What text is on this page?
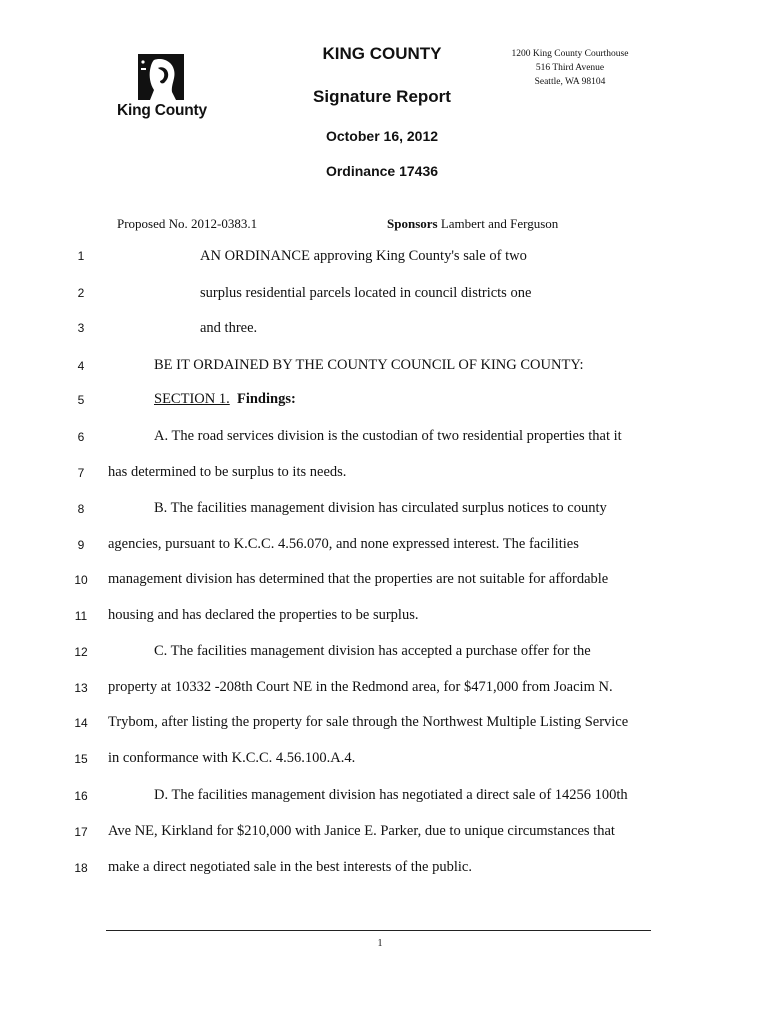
King County
KING COUNTY
Signature Report
October 16, 2012
Ordinance 17436
1200 King County Courthouse
516 Third Avenue
Seattle, WA 98104
Proposed No. 2012-0383.1	Sponsors Lambert and Ferguson
1	AN ORDINANCE approving King County's sale of two
2	surplus residential parcels located in council districts one
3	and three.
4	BE IT ORDAINED BY THE COUNTY COUNCIL OF KING COUNTY:
5	SECTION 1. Findings:
6	A. The road services division is the custodian of two residential properties that it
7	has determined to be surplus to its needs.
8	B. The facilities management division has circulated surplus notices to county
9	agencies, pursuant to K.C.C. 4.56.070, and none expressed interest. The facilities
10 management division has determined that the properties are not suitable for affordable
11	housing and has declared the properties to be surplus.
12	C. The facilities management division has accepted a purchase offer for the
13 property at 10332 -208th Court NE in the Redmond area, for $471,000 from Joacim N.
14 Trybom, after listing the property for sale through the Northwest Multiple Listing Service
15 in conformance with K.C.C. 4.56.100.A.4.
16	D. The facilities management division has negotiated a direct sale of 14256 100th
17 Ave NE, Kirkland for $210,000 with Janice E. Parker, due to unique circumstances that
18 make a direct negotiated sale in the best interests of the public.
1
